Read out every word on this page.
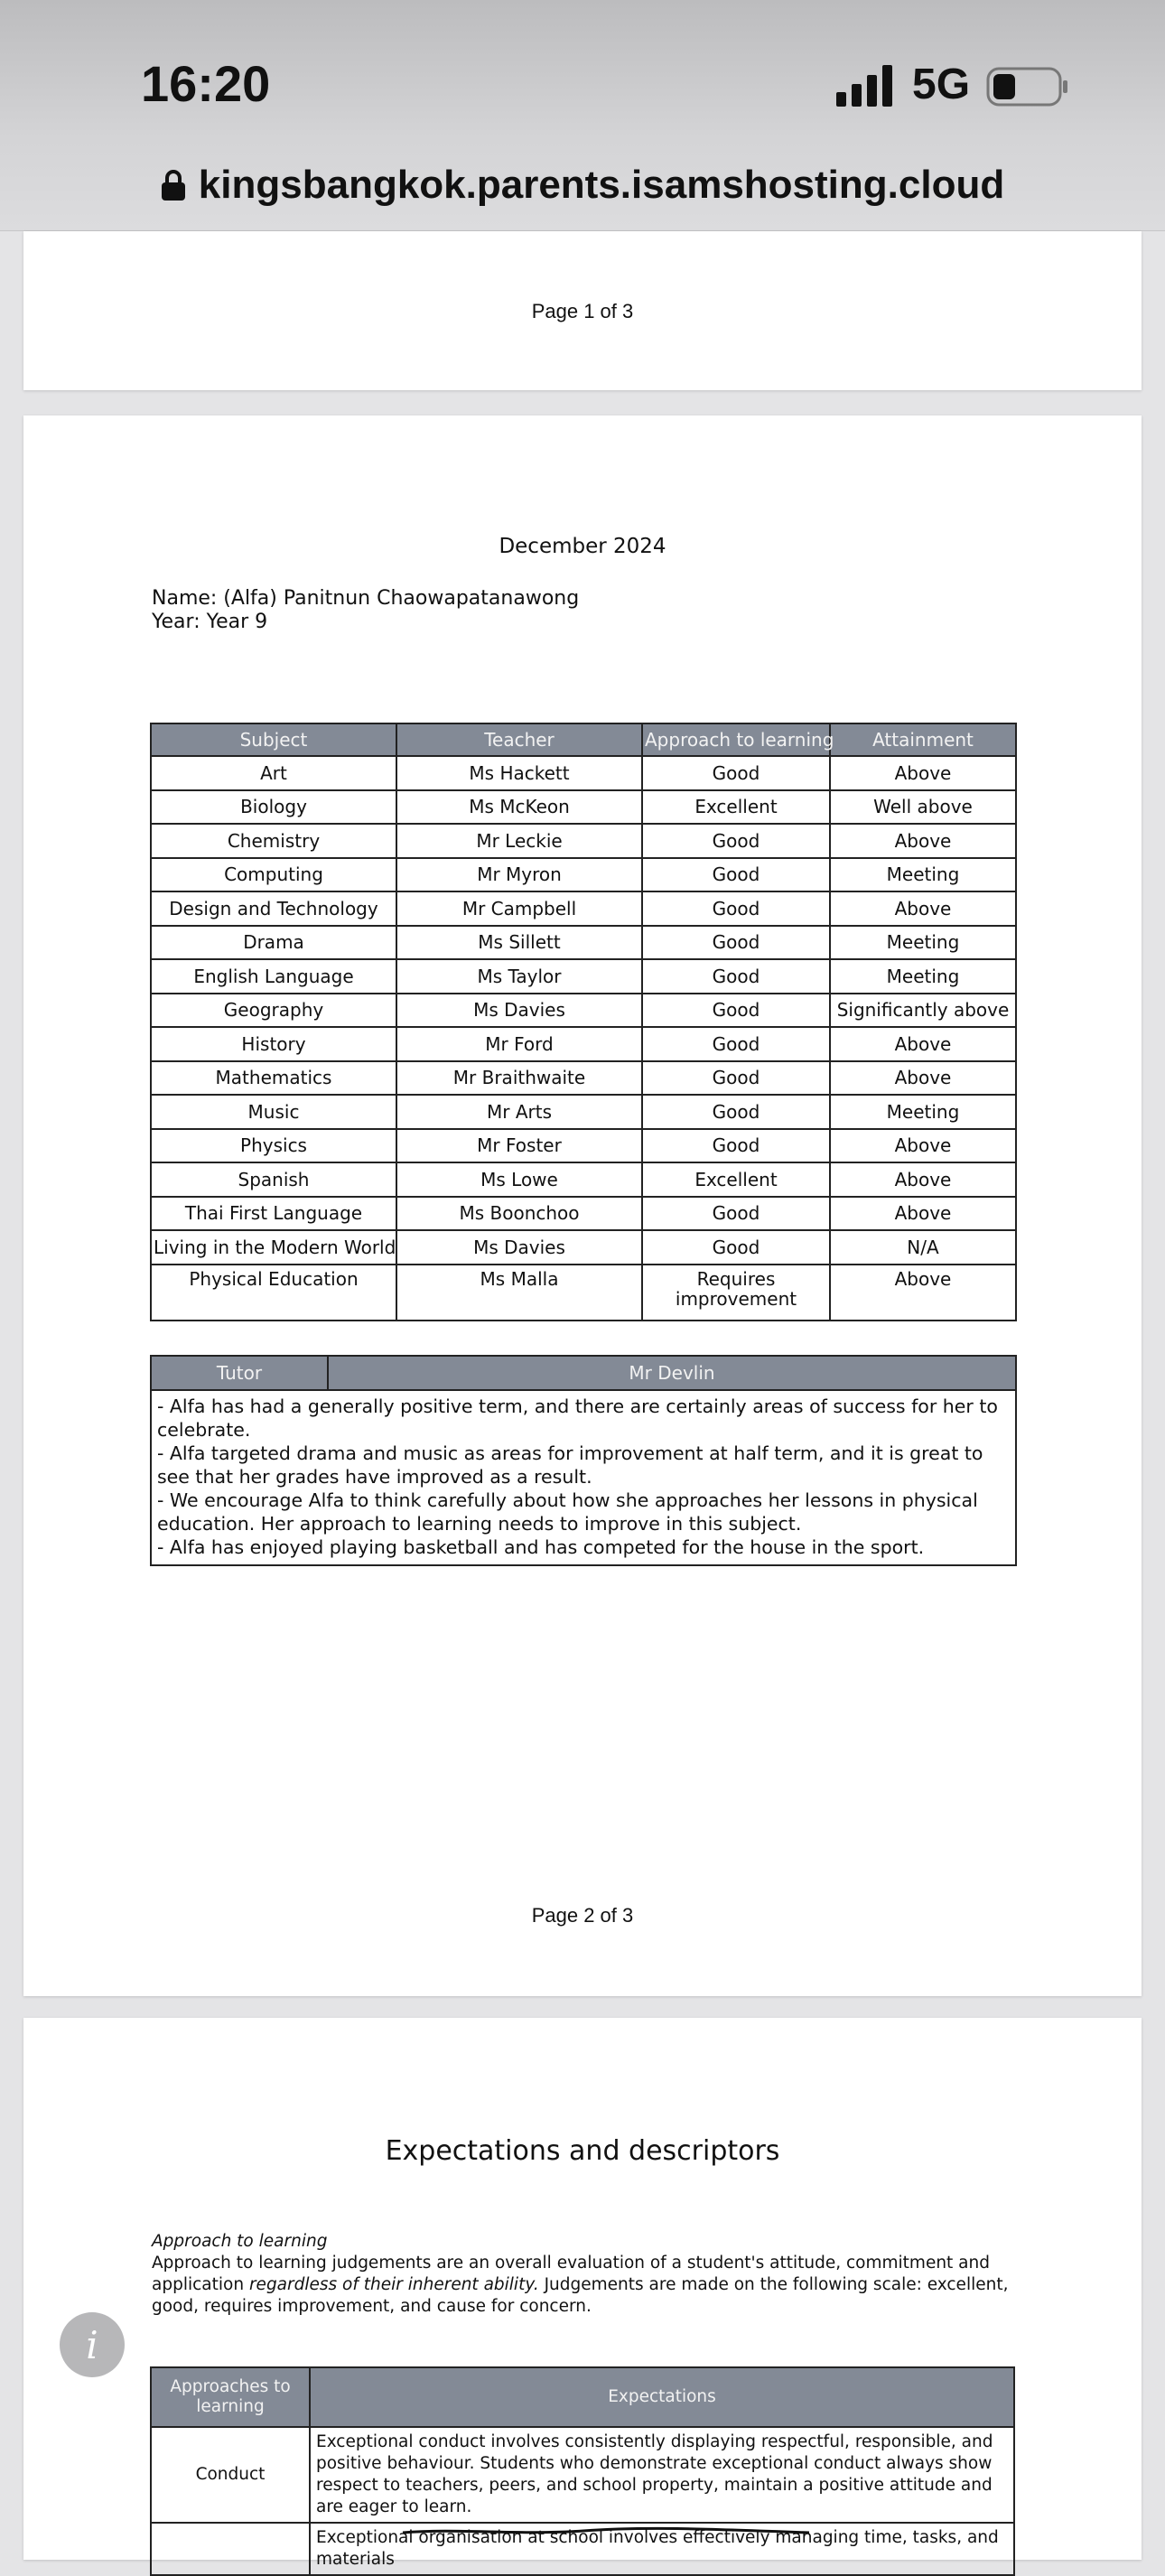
16:20	5G
kingsbangkok.parents.isamshosting.cloud
Page 1 of 3
December 2024
Name: (Alfa) Panitnun Chaowapatanawong
Year: Year 9
Subject	Teacher	Approach to learning	Attainment
Art	Ms Hackett	Good	Above
Biology	Ms McKeon	Excellent	Well above
Chemistry	Mr Leckie	Good	Above
Computing	Mr Myron	Good	Meeting
Design and Technology	Mr Campbell	Good	Above
Drama	Ms Sillett	Good	Meeting
English Language	Ms Taylor	Good	Meeting
Geography	Ms Davies	Good	Significantly above
History	Mr Ford	Good	Above
Mathematics	Mr Braithwaite	Good	Above
Music	Mr Arts	Good	Meeting
Physics	Mr Foster	Good	Above
Spanish	Ms Lowe	Excellent	Above
Thai First Language	Ms Boonchoo	Good	Above
Living in the Modern World	Ms Davies	Good	N/A
Physical Education	Ms Malla	Requires improvement	Above
Tutor	Mr Devlin
- Alfa has had a generally positive term, and there are certainly areas of success for her to celebrate.
- Alfa targeted drama and music as areas for improvement at half term, and it is great to see that her grades have improved as a result.
- We encourage Alfa to think carefully about how she approaches her lessons in physical education. Her approach to learning needs to improve in this subject.
- Alfa has enjoyed playing basketball and has competed for the house in the sport.
Page 2 of 3
Expectations and descriptors
Approach to learning
Approach to learning judgements are an overall evaluation of a student's attitude, commitment and application regardless of their inherent ability. Judgements are made on the following scale: excellent, good, requires improvement, and cause for concern.
Approaches to learning	Expectations
Conduct	Exceptional conduct involves consistently displaying respectful, responsible, and positive behaviour. Students who demonstrate exceptional conduct always show respect to teachers, peers, and school property, maintain a positive attitude and are eager to learn.
	Exceptional organisation at school involves effectively managing time, tasks, and materials
i
